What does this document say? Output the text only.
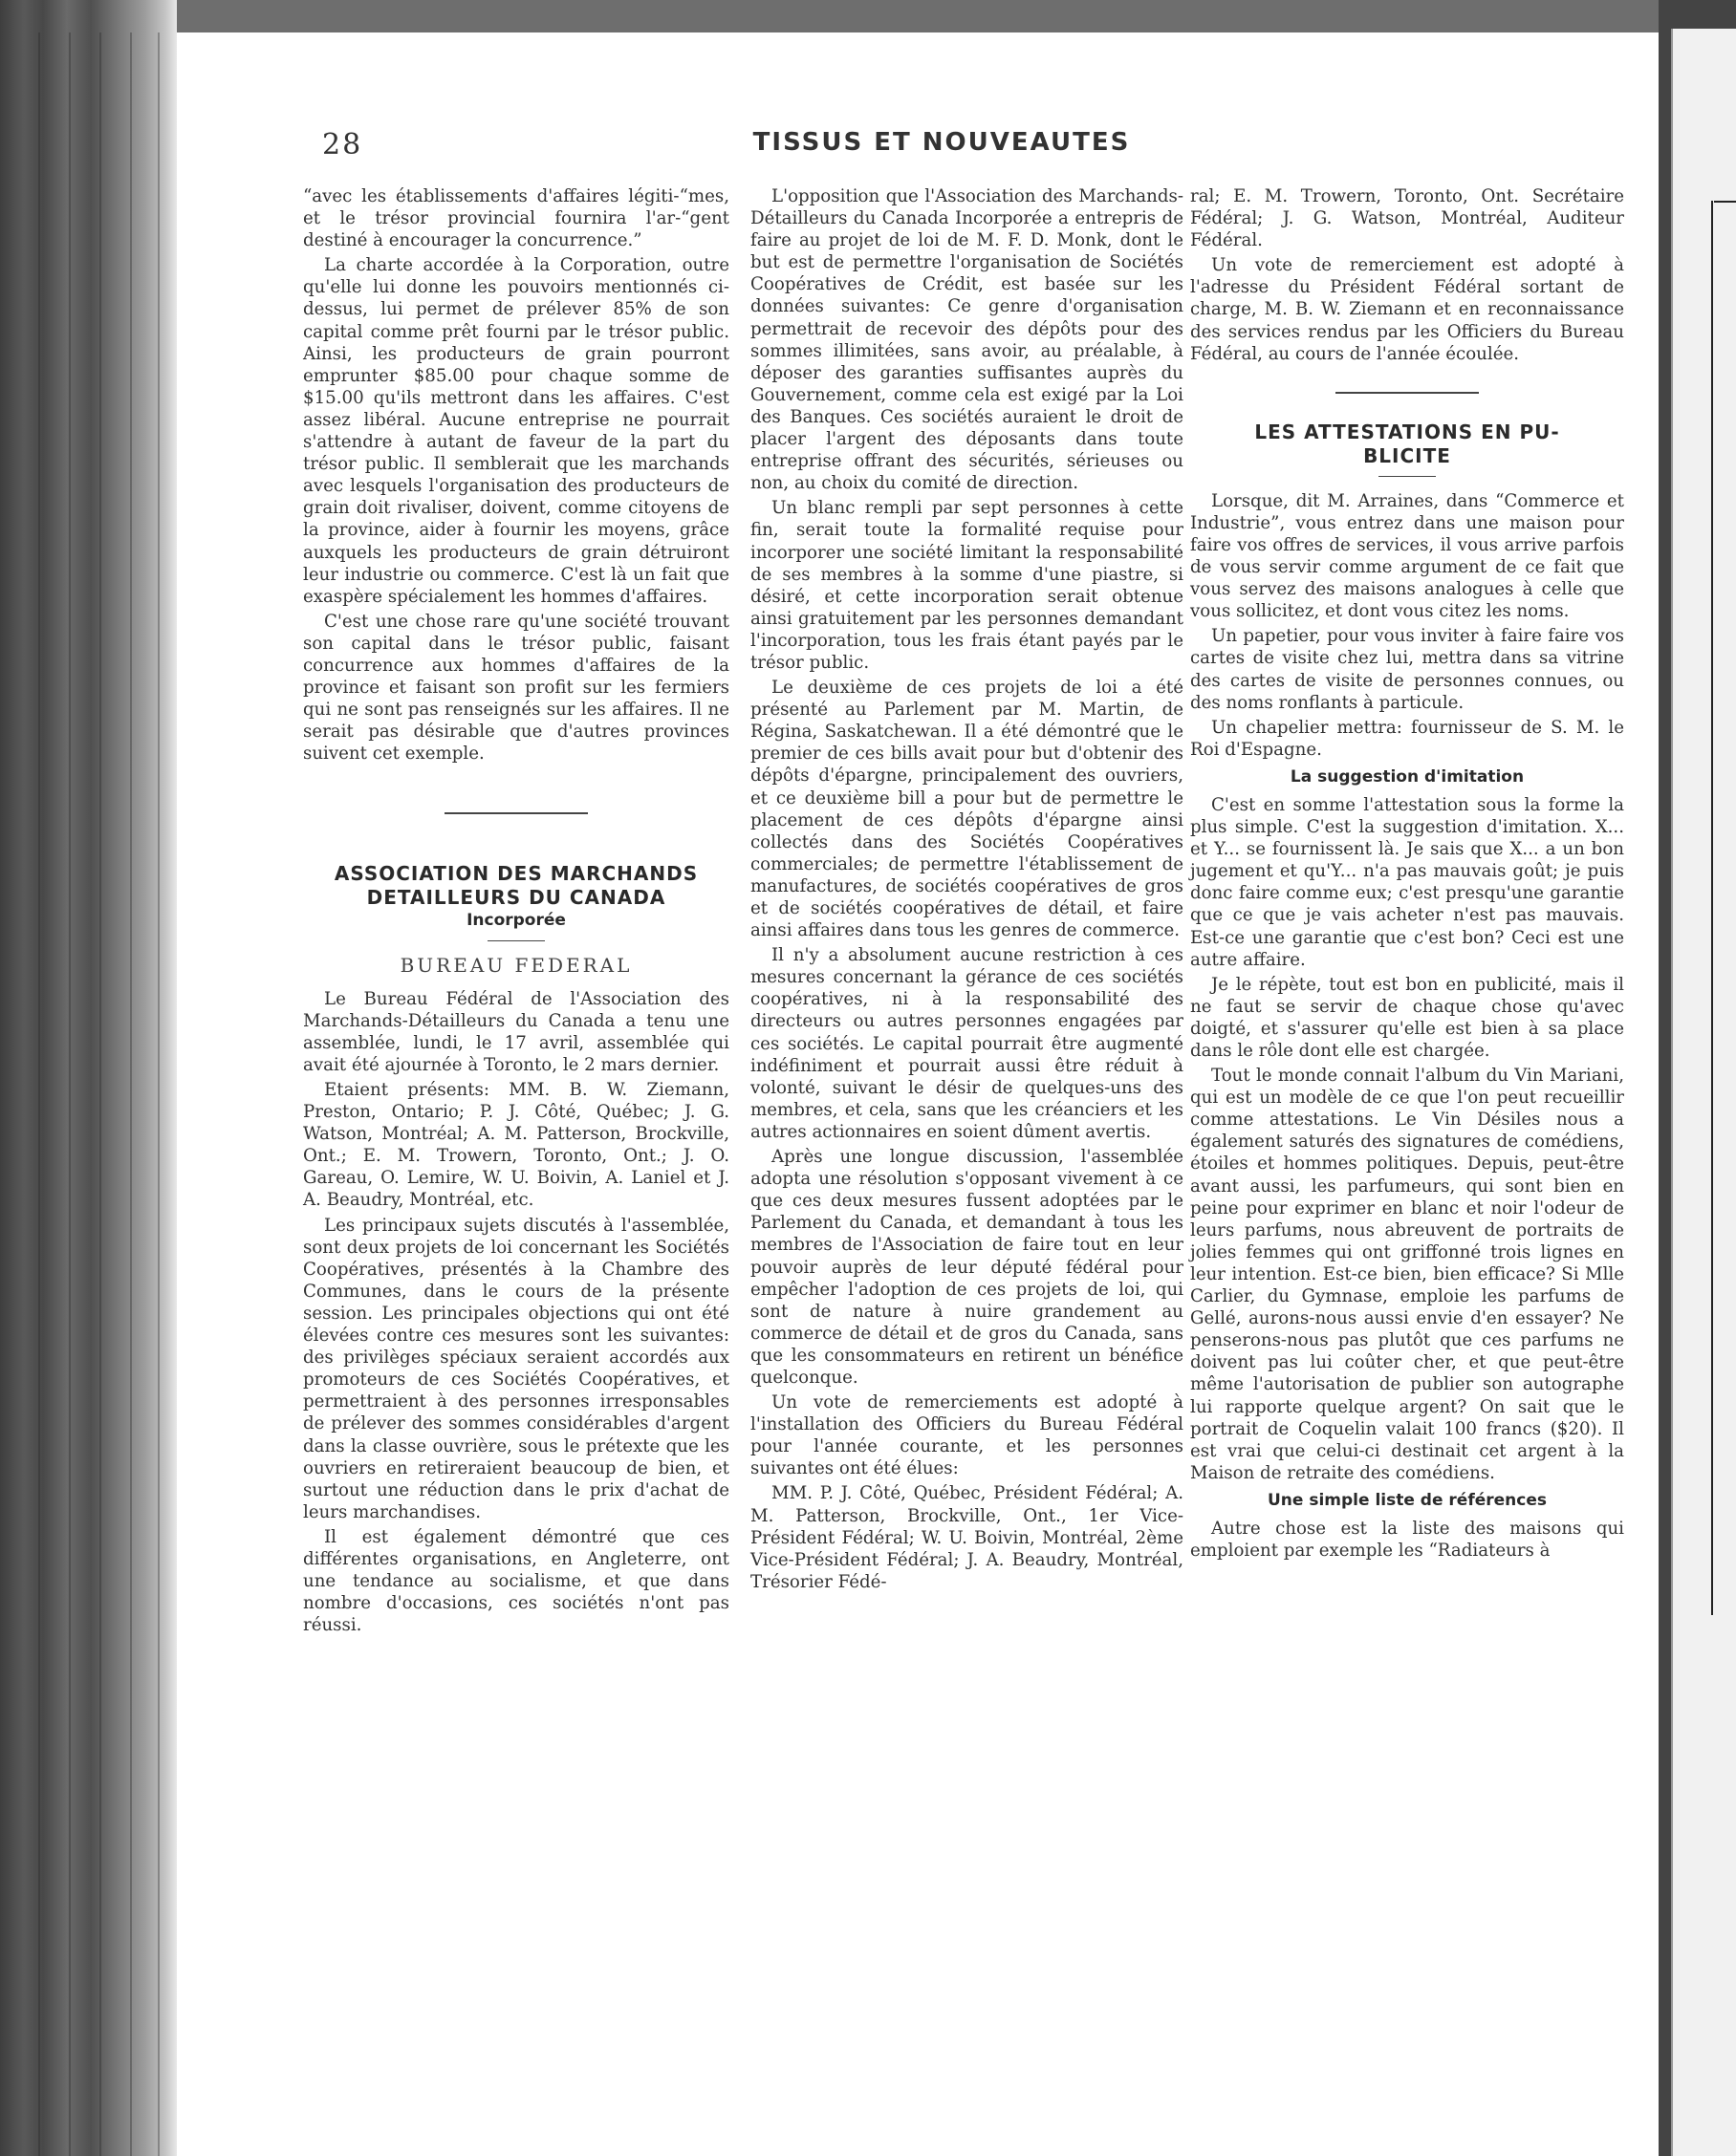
28	TISSUS ET NOUVEAUTES

“avec les établissements d'affaires légiti-“mes, et le trésor provincial fournira l'ar-“gent destiné à encourager la concurrence.”

La charte accordée à la Corporation, outre qu'elle lui donne les pouvoirs mentionnés ci-dessus, lui permet de prélever 85% de son capital comme prêt fourni par le trésor public. Ainsi, les producteurs de grain pourront emprunter $85.00 pour chaque somme de $15.00 qu'ils mettront dans les affaires. C'est assez libéral. Aucune entreprise ne pourrait s'attendre à autant de faveur de la part du trésor public. Il semblerait que les marchands avec lesquels l'organisation des producteurs de grain doit rivaliser, doivent, comme citoyens de la province, aider à fournir les moyens, grâce auxquels les producteurs de grain détruiront leur industrie ou commerce. C'est là un fait que exaspère spécialement les hommes d'affaires.

C'est une chose rare qu'une société trouvant son capital dans le trésor public, faisant concurrence aux hommes d'affaires de la province et faisant son profit sur les fermiers qui ne sont pas renseignés sur les affaires. Il ne serait pas désirable que d'autres provinces suivent cet exemple.

ASSOCIATION DES MARCHANDS
DETAILLEURS DU CANADA
Incorporée
BUREAU FEDERAL

Le Bureau Fédéral de l'Association des Marchands-Détailleurs du Canada a tenu une assemblée, lundi, le 17 avril, assemblée qui avait été ajournée à Toronto, le 2 mars dernier.

Etaient présents: MM. B. W. Ziemann, Preston, Ontario; P. J. Côté, Québec; J. G. Watson, Montréal; A. M. Patterson, Brockville, Ont.; E. M. Trowern, Toronto, Ont.; J. O. Gareau, O. Lemire, W. U. Boivin, A. Laniel et J. A. Beaudry, Montréal, etc.

Les principaux sujets discutés à l'assemblée, sont deux projets de loi concernant les Sociétés Coopératives, présentés à la Chambre des Communes, dans le cours de la présente session. Les principales objections qui ont été élevées contre ces mesures sont les suivantes: des privilèges spéciaux seraient accordés aux promoteurs de ces Sociétés Coopératives, et permettraient à des personnes irresponsables de prélever des sommes considérables d'argent dans la classe ouvrière, sous le prétexte que les ouvriers en retireraient beaucoup de bien, et surtout une réduction dans le prix d'achat de leurs marchandises.

Il est également démontré que ces différentes organisations, en Angleterre, ont une tendance au socialisme, et que dans nombre d'occasions, ces sociétés n'ont pas réussi.

L'opposition que l'Association des Marchands-Détailleurs du Canada Incorporée a entrepris de faire au projet de loi de M. F. D. Monk, dont le but est de permettre l'organisation de Sociétés Coopératives de Crédit, est basée sur les données suivantes: Ce genre d'organisation permettrait de recevoir des dépôts pour des sommes illimitées, sans avoir, au préalable, à déposer des garanties suffisantes auprès du Gouvernement, comme cela est exigé par la Loi des Banques. Ces sociétés auraient le droit de placer l'argent des déposants dans toute entreprise offrant des sécurités, sérieuses ou non, au choix du comité de direction.

Un blanc rempli par sept personnes à cette fin, serait toute la formalité requise pour incorporer une société limitant la responsabilité de ses membres à la somme d'une piastre, si désiré, et cette incorporation serait obtenue ainsi gratuitement par les personnes demandant l'incorporation, tous les frais étant payés par le trésor public.

Le deuxième de ces projets de loi a été présenté au Parlement par M. Martin, de Régina, Saskatchewan. Il a été démontré que le premier de ces bills avait pour but d'obtenir des dépôts d'épargne, principalement des ouvriers, et ce deuxième bill a pour but de permettre le placement de ces dépôts d'épargne ainsi collectés dans des Sociétés Coopératives commerciales; de permettre l'établissement de manufactures, de sociétés coopératives de gros et de sociétés coopératives de détail, et faire ainsi affaires dans tous les genres de commerce.

Il n'y a absolument aucune restriction à ces mesures concernant la gérance de ces sociétés coopératives, ni à la responsabilité des directeurs ou autres personnes engagées par ces sociétés. Le capital pourrait être augmenté indéfiniment et pourrait aussi être réduit à volonté, suivant le désir de quelques-uns des membres, et cela, sans que les créanciers et les autres actionnaires en soient dûment avertis.

Après une longue discussion, l'assemblée adopta une résolution s'opposant vivement à ce que ces deux mesures fussent adoptées par le Parlement du Canada, et demandant à tous les membres de l'Association de faire tout en leur pouvoir auprès de leur député fédéral pour empêcher l'adoption de ces projets de loi, qui sont de nature à nuire grandement au commerce de détail et de gros du Canada, sans que les consommateurs en retirent un bénéfice quelconque.

Un vote de remerciements est adopté à l'installation des Officiers du Bureau Fédéral pour l'année courante, et les personnes suivantes ont été élues:

MM. P. J. Côté, Québec, Président Fédéral; A. M. Patterson, Brockville, Ont., 1er Vice-Président Fédéral; W. U. Boivin, Montréal, 2ème Vice-Président Fédéral; J. A. Beaudry, Montréal, Trésorier Fédé-

ral; E. M. Trowern, Toronto, Ont. Secrétaire Fédéral; J. G. Watson, Montréal, Auditeur Fédéral.

Un vote de remerciement est adopté à l'adresse du Président Fédéral sortant de charge, M. B. W. Ziemann et en reconnaissance des services rendus par les Officiers du Bureau Fédéral, au cours de l'année écoulée.

LES ATTESTATIONS EN PU-
BLICITE

Lorsque, dit M. Arraines, dans “Commerce et Industrie”, vous entrez dans une maison pour faire vos offres de services, il vous arrive parfois de vous servir comme argument de ce fait que vous servez des maisons analogues à celle que vous sollicitez, et dont vous citez les noms.

Un papetier, pour vous inviter à faire faire vos cartes de visite chez lui, mettra dans sa vitrine des cartes de visite de personnes connues, ou des noms ronflants à particule.

Un chapelier mettra: fournisseur de S. M. le Roi d'Espagne.

La suggestion d'imitation

C'est en somme l'attestation sous la forme la plus simple. C'est la suggestion d'imitation. X... et Y... se fournissent là. Je sais que X... a un bon jugement et qu'Y... n'a pas mauvais goût; je puis donc faire comme eux; c'est presqu'une garantie que ce que je vais acheter n'est pas mauvais. Est-ce une garantie que c'est bon? Ceci est une autre affaire.

Je le répète, tout est bon en publicité, mais il ne faut se servir de chaque chose qu'avec doigté, et s'assurer qu'elle est bien à sa place dans le rôle dont elle est chargée.

Tout le monde connait l'album du Vin Mariani, qui est un modèle de ce que l'on peut recueillir comme attestations. Le Vin Désiles nous a également saturés des signatures de comédiens, étoiles et hommes politiques. Depuis, peut-être avant aussi, les parfumeurs, qui sont bien en peine pour exprimer en blanc et noir l'odeur de leurs parfums, nous abreuvent de portraits de jolies femmes qui ont griffonné trois lignes en leur intention. Est-ce bien, bien efficace? Si Mlle Carlier, du Gymnase, emploie les parfums de Gellé, aurons-nous aussi envie d'en essayer? Ne penserons-nous pas plutôt que ces parfums ne doivent pas lui coûter cher, et que peut-être même l'autorisation de publier son autographe lui rapporte quelque argent? On sait que le portrait de Coquelin valait 100 francs ($20). Il est vrai que celui-ci destinait cet argent à la Maison de retraite des comédiens.

Une simple liste de références

Autre chose est la liste des maisons qui emploient par exemple les “Radiateurs à
